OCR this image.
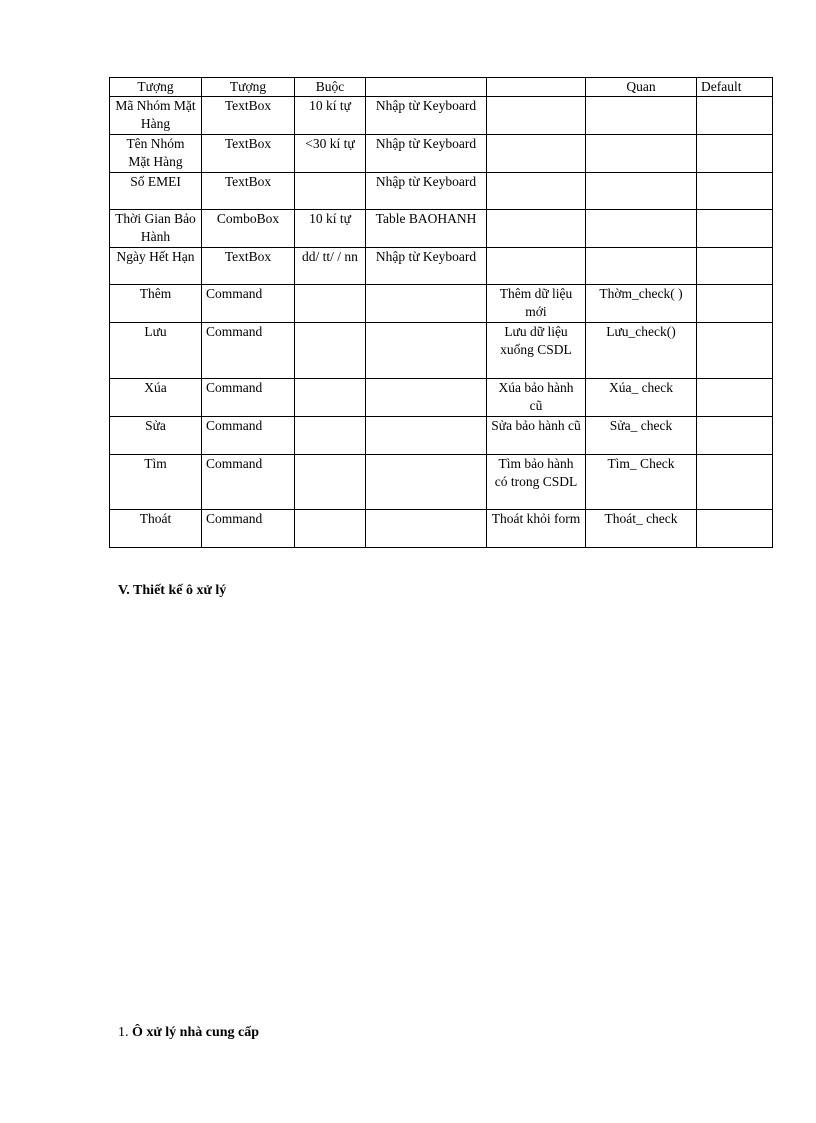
Tượng	Tượng	Buộc			Quan	Default
Mã Nhóm Mặt Hàng	TextBox	10 kí tự	Nhập từ Keyboard			
Tên Nhóm Mặt Hàng	TextBox	<30 kí tự	Nhập từ Keyboard			
Số EMEI	TextBox		Nhập từ Keyboard			
Thời Gian Bảo Hành	ComboBox	10 kí tự	Table BAOHANH			
Ngày Hết Hạn	TextBox	dd/ tt/ / nn	Nhập từ Keyboard			
Thêm	Command			Thêm dữ liệu mới	Thờm_check( )	
Lưu	Command			Lưu dữ liệu xuống CSDL	Lưu_check()	
Xúa	Command			Xúa bảo hành cũ	Xúa_ check	
Sửa	Command			Sửa bảo hành cũ	Sửa_ check	
Tìm	Command			Tìm bảo hành có trong CSDL	Tìm_ Check	
Thoát	Command			Thoát khỏi form	Thoát_ check	
V. Thiết kế ô xử lý

1. Ô xử lý nhà cung cấp
